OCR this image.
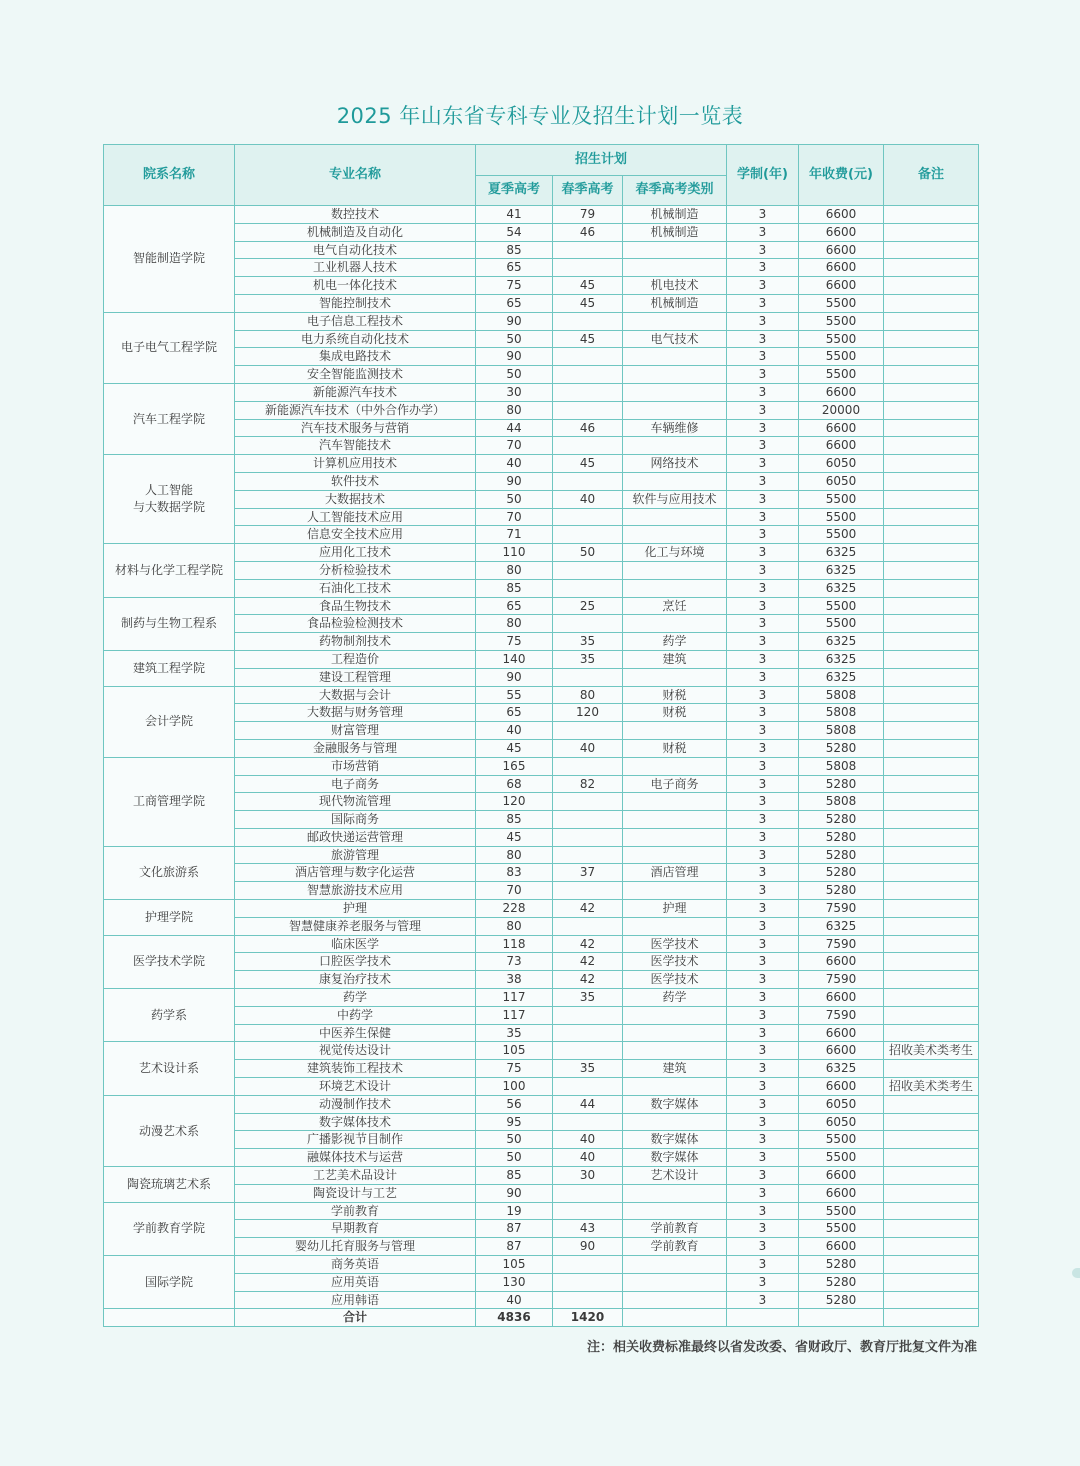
2025 年山东省专科专业及招生计划一览表
院系名称	专业名称	招生计划			学制(年)	年收费(元)	备注
		夏季高考	春季高考	春季高考类别			
智能制造学院	数控技术	41	79	机械制造	3	6600	
	机械制造及自动化	54	46	机械制造	3	6600	
	电气自动化技术	85			3	6600	
	工业机器人技术	65			3	6600	
	机电一体化技术	75	45	机电技术	3	6600	
	智能控制技术	65	45	机械制造	3	5500	
电子电气工程学院	电子信息工程技术	90			3	5500	
	电力系统自动化技术	50	45	电气技术	3	5500	
	集成电路技术	90			3	5500	
	安全智能监测技术	50			3	5500	
汽车工程学院	新能源汽车技术	30			3	6600	
	新能源汽车技术（中外合作办学）	80			3	20000	
	汽车技术服务与营销	44	46	车辆维修	3	6600	
	汽车智能技术	70			3	6600	
人工智能
与大数据学院	计算机应用技术	40	45	网络技术	3	6050	
	软件技术	90			3	6050	
	大数据技术	50	40	软件与应用技术	3	5500	
	人工智能技术应用	70			3	5500	
	信息安全技术应用	71			3	5500	
材料与化学工程学院	应用化工技术	110	50	化工与环境	3	6325	
	分析检验技术	80			3	6325	
	石油化工技术	85			3	6325	
制药与生物工程系	食品生物技术	65	25	烹饪	3	5500	
	食品检验检测技术	80			3	5500	
	药物制剂技术	75	35	药学	3	6325	
建筑工程学院	工程造价	140	35	建筑	3	6325	
	建设工程管理	90			3	6325	
会计学院	大数据与会计	55	80	财税	3	5808	
	大数据与财务管理	65	120	财税	3	5808	
	财富管理	40			3	5808	
	金融服务与管理	45	40	财税	3	5280	
工商管理学院	市场营销	165			3	5808	
	电子商务	68	82	电子商务	3	5280	
	现代物流管理	120			3	5808	
	国际商务	85			3	5280	
	邮政快递运营管理	45			3	5280	
文化旅游系	旅游管理	80			3	5280	
	酒店管理与数字化运营	83	37	酒店管理	3	5280	
	智慧旅游技术应用	70			3	5280	
护理学院	护理	228	42	护理	3	7590	
	智慧健康养老服务与管理	80			3	6325	
医学技术学院	临床医学	118	42	医学技术	3	7590	
	口腔医学技术	73	42	医学技术	3	6600	
	康复治疗技术	38	42	医学技术	3	7590	
药学系	药学	117	35	药学	3	6600	
	中药学	117			3	7590	
	中医养生保健	35			3	6600	
艺术设计系	视觉传达设计	105			3	6600	招收美术类考生
	建筑装饰工程技术	75	35	建筑	3	6325	
	环境艺术设计	100			3	6600	招收美术类考生
动漫艺术系	动漫制作技术	56	44	数字媒体	3	6050	
	数字媒体技术	95			3	6050	
	广播影视节目制作	50	40	数字媒体	3	5500	
	融媒体技术与运营	50	40	数字媒体	3	5500	
陶瓷琉璃艺术系	工艺美术品设计	85	30	艺术设计	3	6600	
	陶瓷设计与工艺	90			3	6600	
学前教育学院	学前教育	19			3	5500	
	早期教育	87	43	学前教育	3	5500	
	婴幼儿托育服务与管理	87	90	学前教育	3	6600	
国际学院	商务英语	105			3	5280	
	应用英语	130			3	5280	
	应用韩语	40			3	5280	
	合计	4836	1420				
注：相关收费标准最终以省发改委、省财政厅、教育厅批复文件为准
